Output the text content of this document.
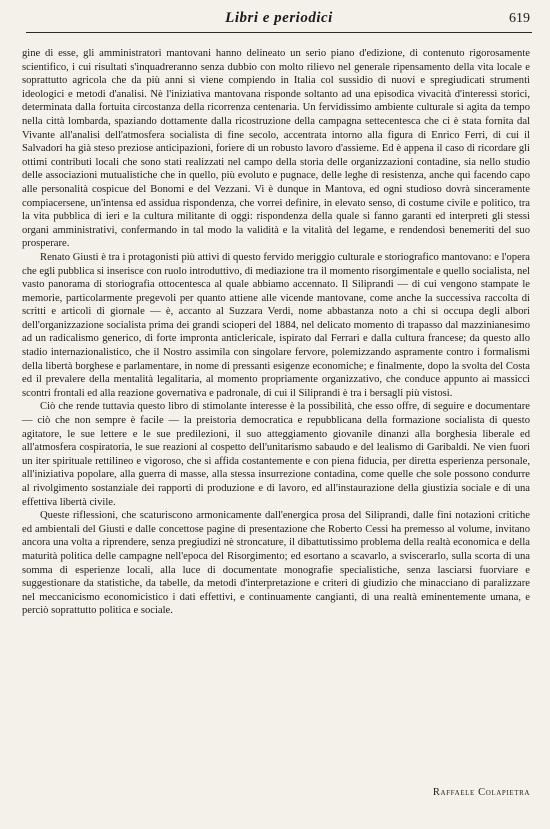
Libri e periodici	619

gine di esse, gli amministratori mantovani hanno delineato un serio piano d'edizione, di contenuto rigorosamente scientifico, i cui risultati s'inquadreranno senza dubbio con molto rilievo nel generale ripensamento della vita locale e soprattutto agricola che da più anni si viene compiendo in Italia col sussidio di nuovi e spregiudicati strumenti ideologici e metodi d'analisi. Nè l'iniziativa mantovana risponde soltanto ad una episodica vivacità d'interessi storici, determinata dalla fortuita circostanza della ricorrenza centenaria. Un fervidissimo ambiente culturale si agita da tempo nella città lombarda, spaziando dottamente dalla ricostruzione della campagna settecentesca che ci è stata fornita dal Vivante all'analisi dell'atmosfera socialista di fine secolo, accentrata intorno alla figura di Enrico Ferri, di cui il Salvadori ha già steso preziose anticipazioni, foriere di un robusto lavoro d'assieme. Ed è appena il caso di ricordare gli ottimi contributi locali che sono stati realizzati nel campo della storia delle organizzazioni contadine, sia nello studio delle associazioni mutualistiche che in quello, più evoluto e pugnace, delle leghe di resistenza, anche qui facendo capo alle personalità cospicue del Bonomi e del Vezzani. Vi è dunque in Mantova, ed ogni studioso dovrà sinceramente compiacersene, un'intensa ed assidua rispondenza, che vorrei definire, in elevato senso, di costume civile e politico, tra la vita pubblica di ieri e la cultura militante di oggi: rispondenza della quale si fanno garanti ed interpreti gli stessi organi amministrativi, confermando in tal modo la validità e la vitalità del legame, e rendendosi benemeriti del suo prosperare.

Renato Giusti è tra i protagonisti più attivi di questo fervido meriggio culturale e storiografico mantovano: e l'opera che egli pubblica si inserisce con ruolo introduttivo, di mediazione tra il momento risorgimentale e quello socialista, nel vasto panorama di storiografia ottocentesca al quale abbiamo accennato. Il Siliprandi — di cui vengono stampate le memorie, particolarmente pregevoli per quanto attiene alle vicende mantovane, come anche la successiva raccolta di scritti e articoli di giornale — è, accanto al Suzzara Verdi, nome abbastanza noto a chi si occupa degli albori dell'organizzazione socialista prima dei grandi scioperi del 1884, nel delicato momento di trapasso dal mazzinianesimo ad un radicalismo generico, di forte impronta anticlericale, ispirato dal Ferrari e dalla cultura francese; da questo allo stadio internazionalistico, che il Nostro assimila con singolare fervore, polemizzando aspramente contro i formalismi della libertà borghese e parlamentare, in nome di pressanti esigenze economiche; e finalmente, dopo la svolta del Costa ed il prevalere della mentalità legalitaria, al momento propriamente organizzativo, che conduce appunto ai massicci scontri frontali ed alla reazione governativa e padronale, di cui il Siliprandi è tra i bersagli più vistosi.

Ciò che rende tuttavia questo libro di stimolante interesse è la possibilità, che esso offre, di seguire e documentare — ciò che non sempre è facile — la preistoria democratica e repubblicana della formazione socialista di questo agitatore, le sue lettere e le sue predilezioni, il suo atteggiamento giovanile dinanzi alla borghesia liberale ed all'atmosfera cospiratoria, le sue reazioni al cospetto dell'unitarismo sabaudo e del lealismo di Garibaldi. Ne vien fuori un iter spirituale rettilineo e vigoroso, che si affida costantemente e con piena fiducia, per diretta esperienza personale, all'iniziativa popolare, alla guerra di masse, alla stessa insurrezione contadina, come quelle che sole possono condurre al rivolgimento sostanziale dei rapporti di produzione e di lavoro, ed all'instaurazione della giustizia sociale e di una effettiva libertà civile.

Queste riflessioni, che scaturiscono armonicamente dall'energica prosa del Siliprandi, dalle fini notazioni critiche ed ambientali del Giusti e dalle concettose pagine di presentazione che Roberto Cessi ha premesso al volume, invitano ancora una volta a riprendere, senza pregiudizi nè stroncature, il dibattutissimo problema della realtà economica e della maturità politica delle campagne nell'epoca del Risorgimento; ed esortano a scavarlo, a sviscerarlo, sulla scorta di una somma di esperienze locali, alla luce di documentate monografie specialistiche, senza lasciarsi fuorviare e suggestionare da statistiche, da tabelle, da metodi d'interpretazione e criteri di giudizio che minacciano di paralizzare nel meccanicismo economicistico i dati effettivi, e continuamente cangianti, di una realtà eminentemente umana, e perciò soprattutto politica e sociale.

Raffaele Colapietra
